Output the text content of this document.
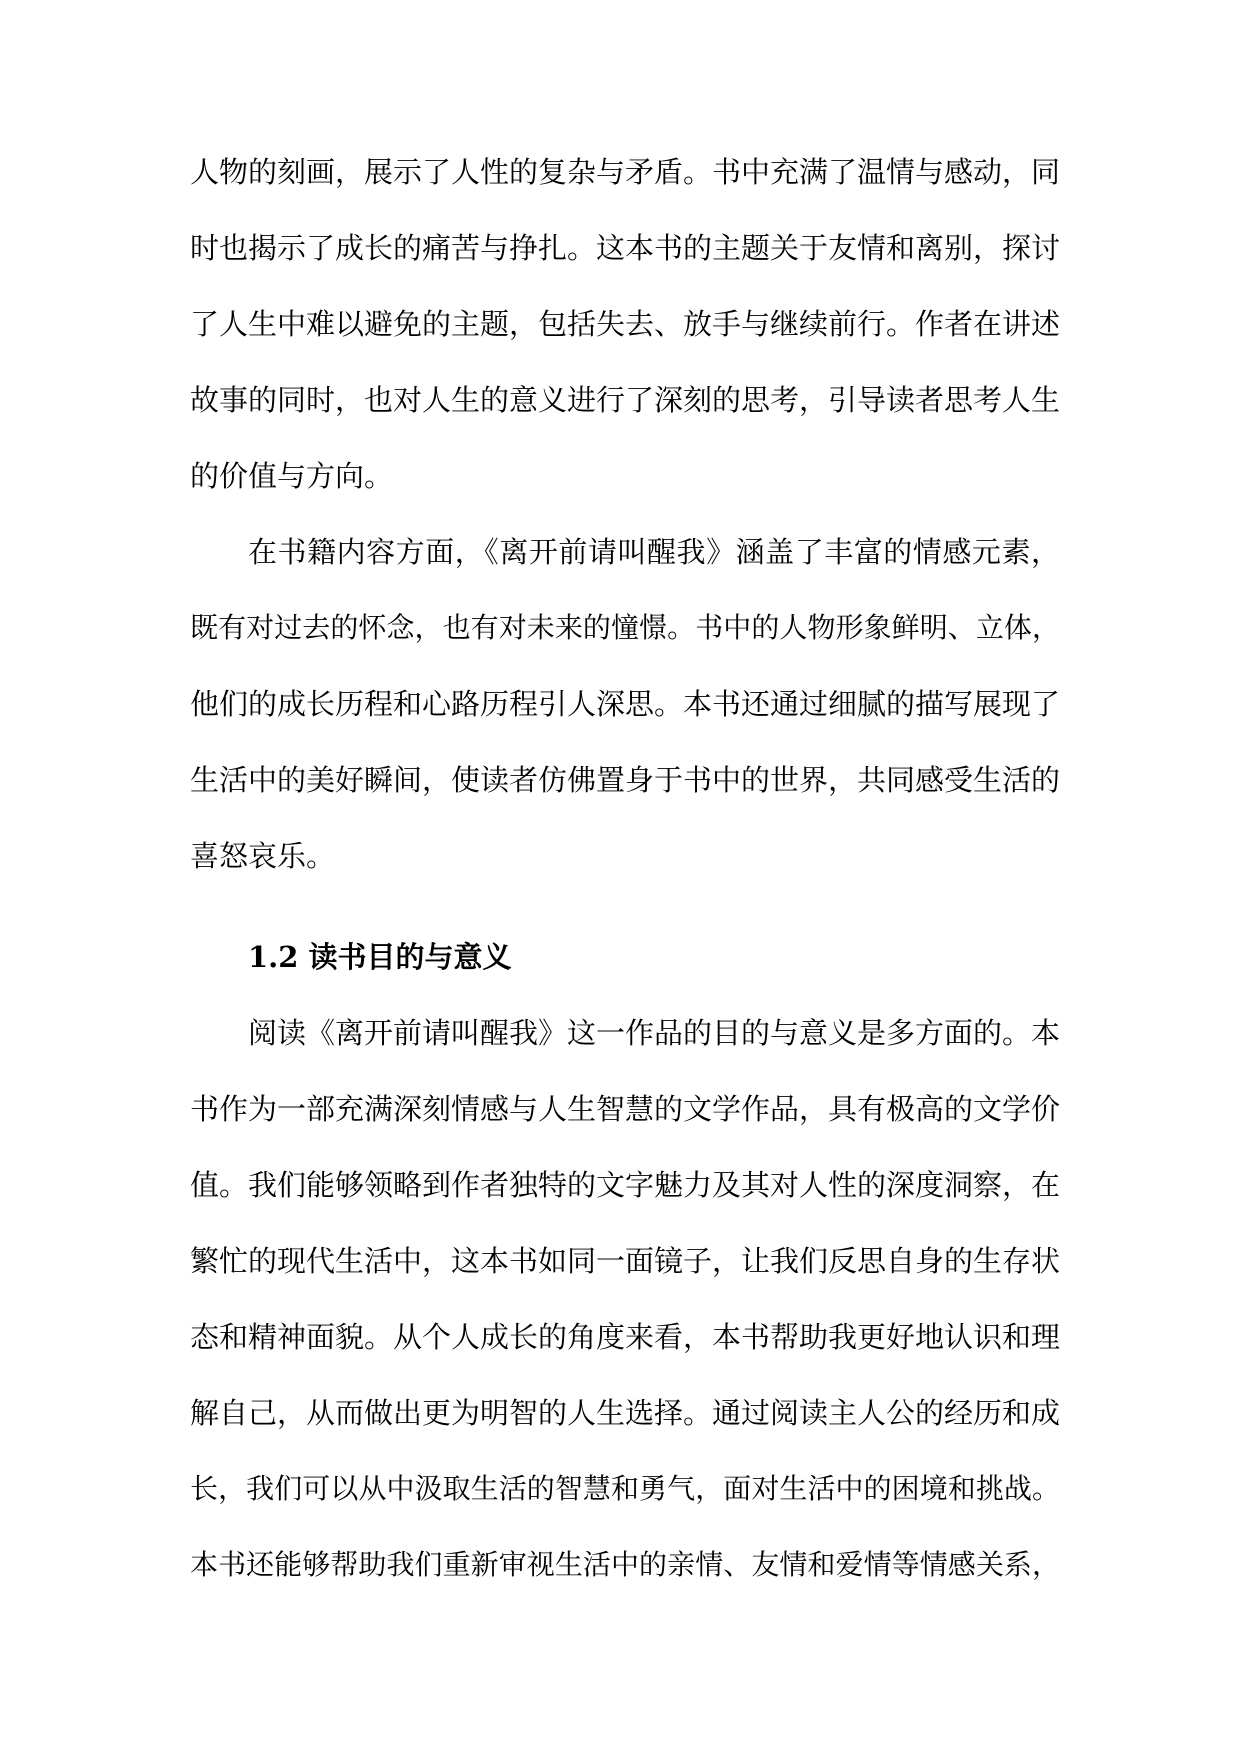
人物的刻画，展示了人性的复杂与矛盾。书中充满了温情与感动，同
时也揭示了成长的痛苦与挣扎。这本书的主题关于友情和离别，探讨
了人生中难以避免的主题，包括失去、放手与继续前行。作者在讲述
故事的同时，也对人生的意义进行了深刻的思考，引导读者思考人生
的价值与方向。
在书籍内容方面，《离开前请叫醒我》涵盖了丰富的情感元素，
既有对过去的怀念，也有对未来的憧憬。书中的人物形象鲜明、立体，
他们的成长历程和心路历程引人深思。本书还通过细腻的描写展现了
生活中的美好瞬间，使读者仿佛置身于书中的世界，共同感受生活的
喜怒哀乐。
1.2 读书目的与意义
阅读《离开前请叫醒我》这一作品的目的与意义是多方面的。本
书作为一部充满深刻情感与人生智慧的文学作品，具有极高的文学价
值。我们能够领略到作者独特的文字魅力及其对人性的深度洞察，在
繁忙的现代生活中，这本书如同一面镜子，让我们反思自身的生存状
态和精神面貌。从个人成长的角度来看，本书帮助我更好地认识和理
解自己，从而做出更为明智的人生选择。通过阅读主人公的经历和成
长，我们可以从中汲取生活的智慧和勇气，面对生活中的困境和挑战。
本书还能够帮助我们重新审视生活中的亲情、友情和爱情等情感关系，
